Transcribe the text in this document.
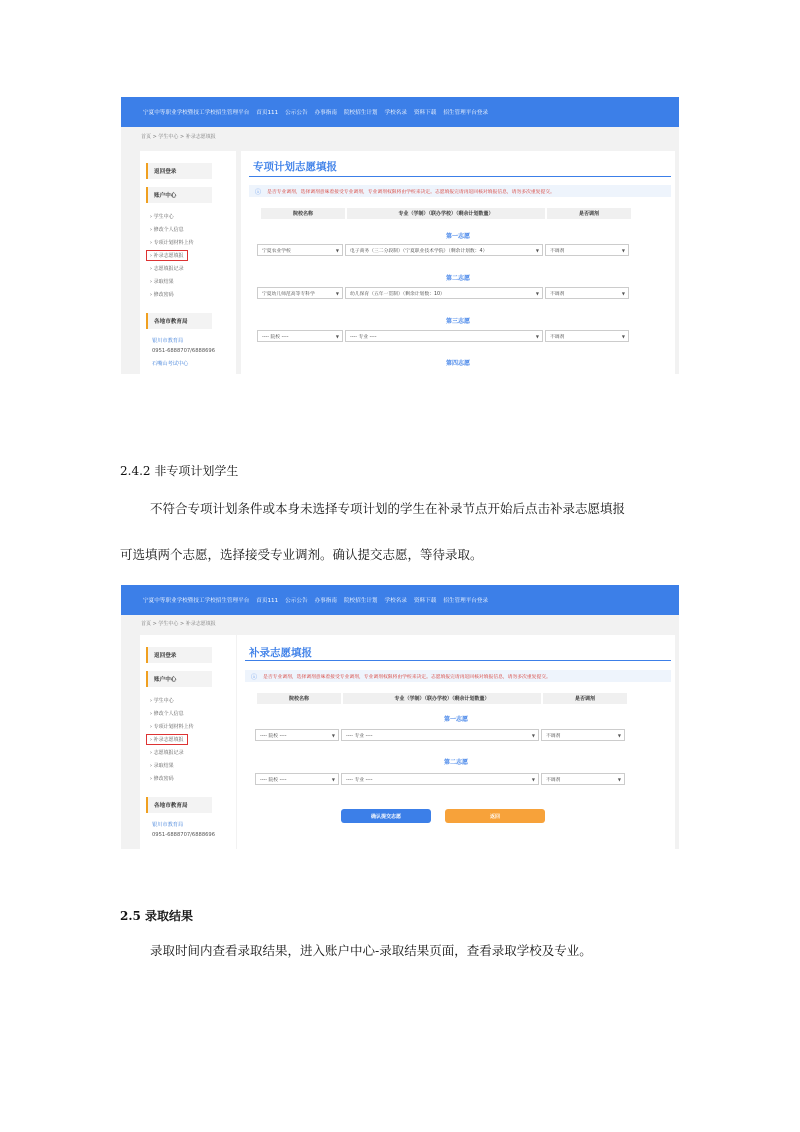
宁夏中等职业学校暨技工学校招生管理平台 首页111 公示公告 办事指南 院校招生计划 学校名录 资料下载 招生管理平台登录
首页 > 学生中心 > 补录志愿填报
返回登录
账户中心
› 学生中心
› 修改个人信息
› 专项计划材料上传
› 补录志愿填报
› 志愿填报记录
› 录取结果
› 修改密码
各地市教育局
银川市教育局
0951-6888707/6888696
石嘴山考试中心
专项计划志愿填报
ⓘ 是否专业调剂，选择调剂意味着接受专业调剂，专业调剂权限将由学校来决定。志愿填报完请再返回核对填报信息，请勿多次重复提交。
院校名称	专业（学制）（联办学校）（剩余计划数量）	是否调剂
第一志愿
宁夏农业学校 ▼	电子商务（三二分段制）（宁夏职业技术学院）（剩余计划数：4） ▼	不调剂 ▼
第二志愿
宁夏幼儿师范高等专科学 ▼	幼儿保育（五年一贯制）（剩余计划数：10） ▼	不调剂 ▼
第三志愿
---- 院校 ---- ▼	---- 专业 ---- ▼	不调剂 ▼
第四志愿
2.4.2 非专项计划学生
不符合专项计划条件或本身未选择专项计划的学生在补录节点开始后点击补录志愿填报
可选填两个志愿，选择接受专业调剂。确认提交志愿，等待录取。
宁夏中等职业学校暨技工学校招生管理平台 首页111 公示公告 办事指南 院校招生计划 学校名录 资料下载 招生管理平台登录
首页 > 学生中心 > 补录志愿填报
返回登录
账户中心
› 学生中心
› 修改个人信息
› 专项计划材料上传
› 补录志愿填报
› 志愿填报记录
› 录取结果
› 修改密码
各地市教育局
银川市教育局
0951-6888707/6888696
补录志愿填报
ⓘ 是否专业调剂，选择调剂意味着接受专业调剂，专业调剂权限将由学校来决定。志愿填报完请再返回核对填报信息，请勿多次重复提交。
院校名称	专业（学制）（联办学校）（剩余计划数量）	是否调剂
第一志愿
---- 院校 ---- ▼	---- 专业 ---- ▼	不调剂 ▼
第二志愿
---- 院校 ---- ▼	---- 专业 ---- ▼	不调剂 ▼
确认提交志愿	返回
2.5 录取结果
录取时间内查看录取结果，进入账户中心-录取结果页面，查看录取学校及专业。
